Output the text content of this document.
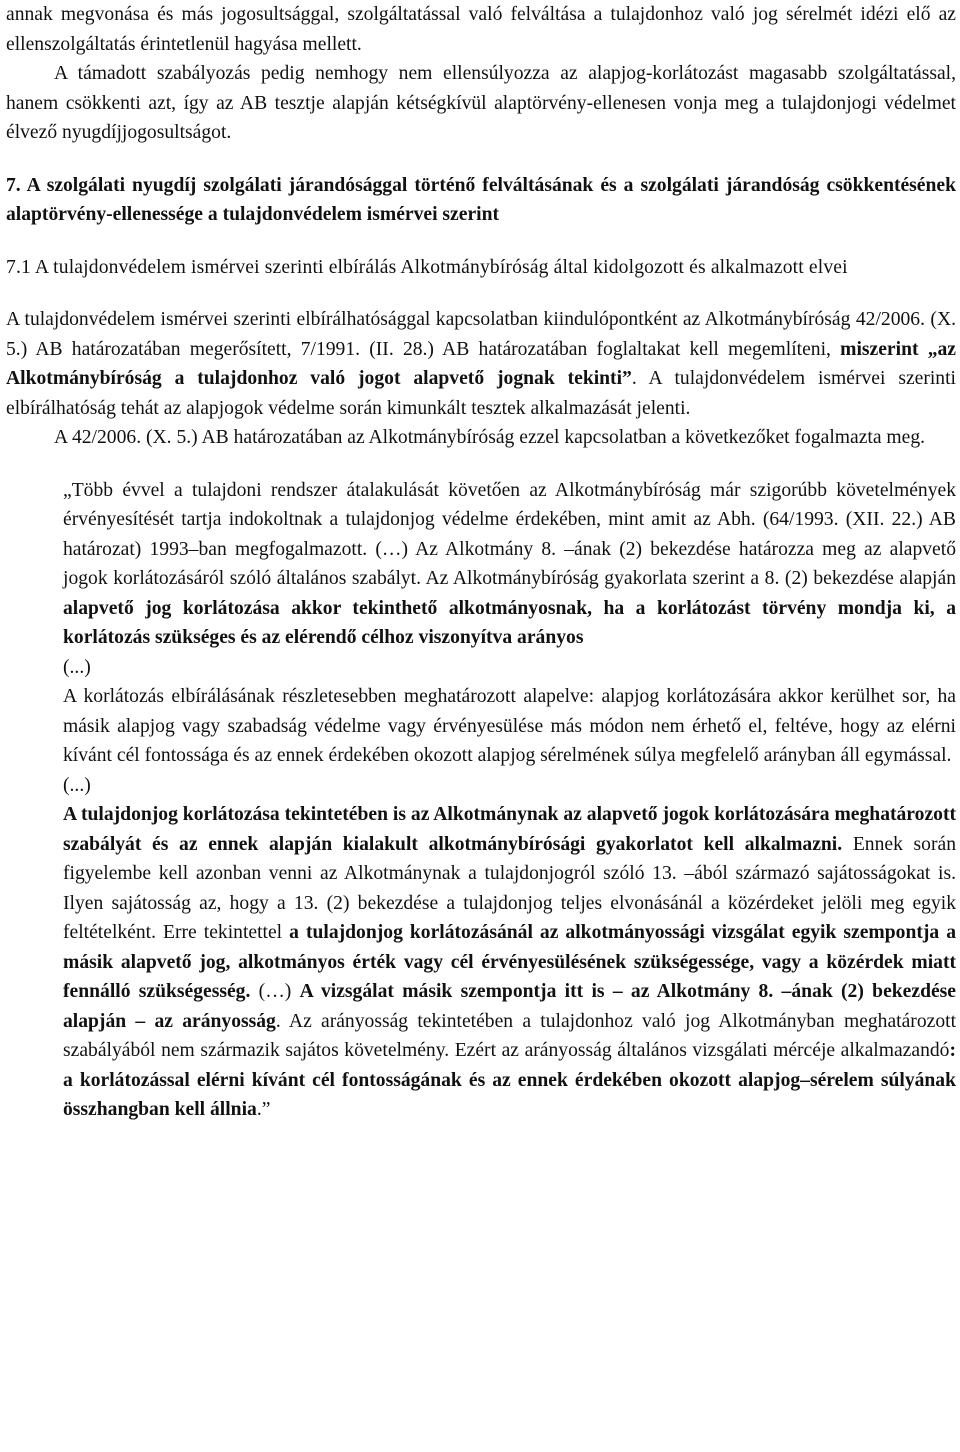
annak megvonása és más jogosultsággal, szolgáltatással való felváltása a tulajdonhoz való jog sérelmét idézi elő az ellenszolgáltatás érintetlenül hagyása mellett.

A támadott szabályozás pedig nemhogy nem ellensúlyozza az alapjog-korlátozást magasabb szolgáltatással, hanem csökkenti azt, így az AB tesztje alapján kétségkívül alaptörvény-ellenesen vonja meg a tulajdonjogi védelmet élvező nyugdíjjogosultságot.

7. A szolgálati nyugdíj szolgálati járandósággal történő felváltásának és a szolgálati járandóság csökkentésének alaptörvény-ellenessége a tulajdonvédelem ismérvei szerint

7.1 A tulajdonvédelem ismérvei szerinti elbírálás Alkotmánybíróság által kidolgozott és alkalmazott elvei

A tulajdonvédelem ismérvei szerinti elbírálhatósággal kapcsolatban kiindulópontként az Alkotmánybíróság 42/2006. (X. 5.) AB határozatában megerősített, 7/1991. (II. 28.) AB határozatában foglaltakat kell megemlíteni, miszerint „az Alkotmánybíróság a tulajdonhoz való jogot alapvető jognak tekinti”. A tulajdonvédelem ismérvei szerinti elbírálhatóság tehát az alapjogok védelme során kimunkált tesztek alkalmazását jelenti.

A 42/2006. (X. 5.) AB határozatában az Alkotmánybíróság ezzel kapcsolatban a következőket fogalmazta meg.

„Több évvel a tulajdoni rendszer átalakulását követően az Alkotmánybíróság már szigorúbb követelmények érvényesítését tartja indokoltnak a tulajdonjog védelme érdekében, mint amit az Abh. (64/1993. (XII. 22.) AB határozat) 1993–ban megfogalmazott. (…) Az Alkotmány 8. –ának (2) bekezdése határozza meg az alapvető jogok korlátozásáról szóló általános szabályt. Az Alkotmánybíróság gyakorlata szerint a 8. (2) bekezdése alapján alapvető jog korlátozása akkor tekinthető alkotmányosnak, ha a korlátozást törvény mondja ki, a korlátozás szükséges és az elérendő célhoz viszonyítva arányos

(...)

A korlátozás elbírálásának részletesebben meghatározott alapelve: alapjog korlátozására akkor kerülhet sor, ha másik alapjog vagy szabadság védelme vagy érvényesülése más módon nem érhető el, feltéve, hogy az elérni kívánt cél fontossága és az ennek érdekében okozott alapjog sérelmének súlya megfelelő arányban áll egymással.

(...)

A tulajdonjog korlátozása tekintetében is az Alkotmánynak az alapvető jogok korlátozására meghatározott szabályát és az ennek alapján kialakult alkotmánybírósági gyakorlatot kell alkalmazni. Ennek során figyelembe kell azonban venni az Alkotmánynak a tulajdonjogról szóló 13. –ából származó sajátosságokat is. Ilyen sajátosság az, hogy a 13. (2) bekezdése a tulajdonjog teljes elvonásánál a közérdeket jelöli meg egyik feltételként. Erre tekintettel a tulajdonjog korlátozásánál az alkotmányossági vizsgálat egyik szempontja a másik alapvető jog, alkotmányos érték vagy cél érvényesülésének szükségessége, vagy a közérdek miatt fennálló szükségesség. (…) A vizsgálat másik szempontja itt is – az Alkotmány 8. –ának (2) bekezdése alapján – az arányosság. Az arányosság tekintetében a tulajdonhoz való jog Alkotmányban meghatározott szabályából nem származik sajátos követelmény. Ezért az arányosság általános vizsgálati mércéje alkalmazandó: a korlátozással elérni kívánt cél fontosságának és az ennek érdekében okozott alapjog–sérelem súlyának összhangban kell állnia.”
